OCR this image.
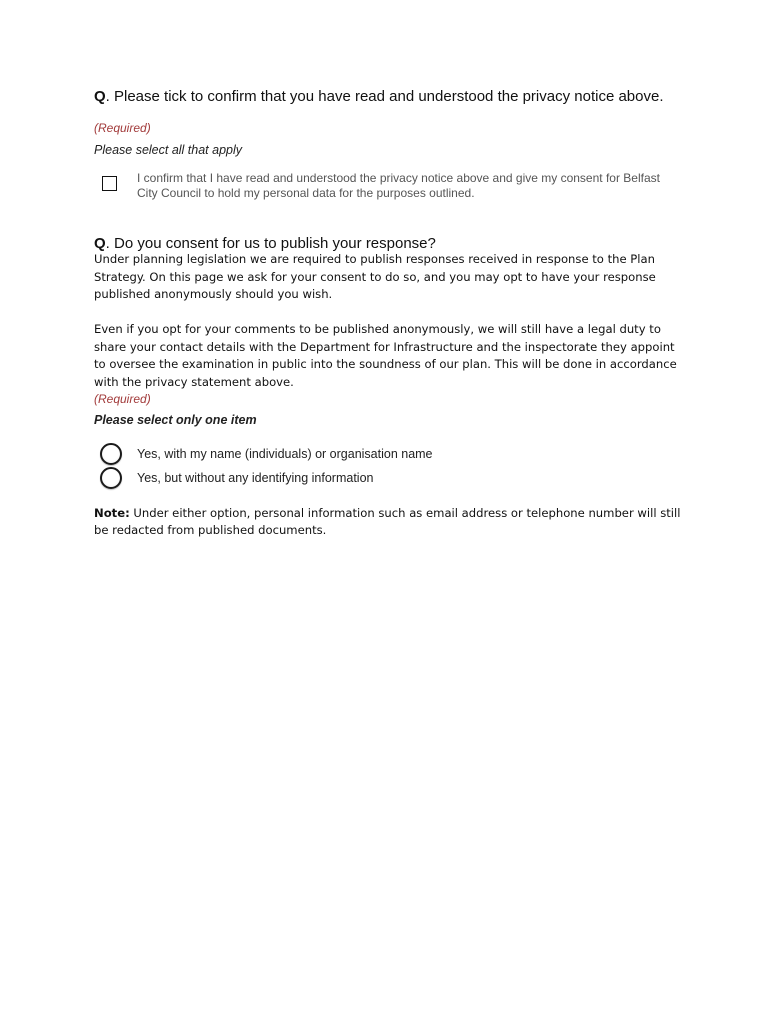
Q. Please tick to confirm that you have read and understood the privacy notice above.
(Required)
Please select all that apply
I confirm that I have read and understood the privacy notice above and give my consent for Belfast City Council to hold my personal data for the purposes outlined.
Q. Do you consent for us to publish your response?
Under planning legislation we are required to publish responses received in response to the Plan Strategy. On this page we ask for your consent to do so, and you may opt to have your response published anonymously should you wish.
Even if you opt for your comments to be published anonymously, we will still have a legal duty to share your contact details with the Department for Infrastructure and the inspectorate they appoint to oversee the examination in public into the soundness of our plan. This will be done in accordance with the privacy statement above.
(Required)
Please select only one item
Yes, with my name (individuals) or organisation name
Yes, but without any identifying information
Note: Under either option, personal information such as email address or telephone number will still be redacted from published documents.
